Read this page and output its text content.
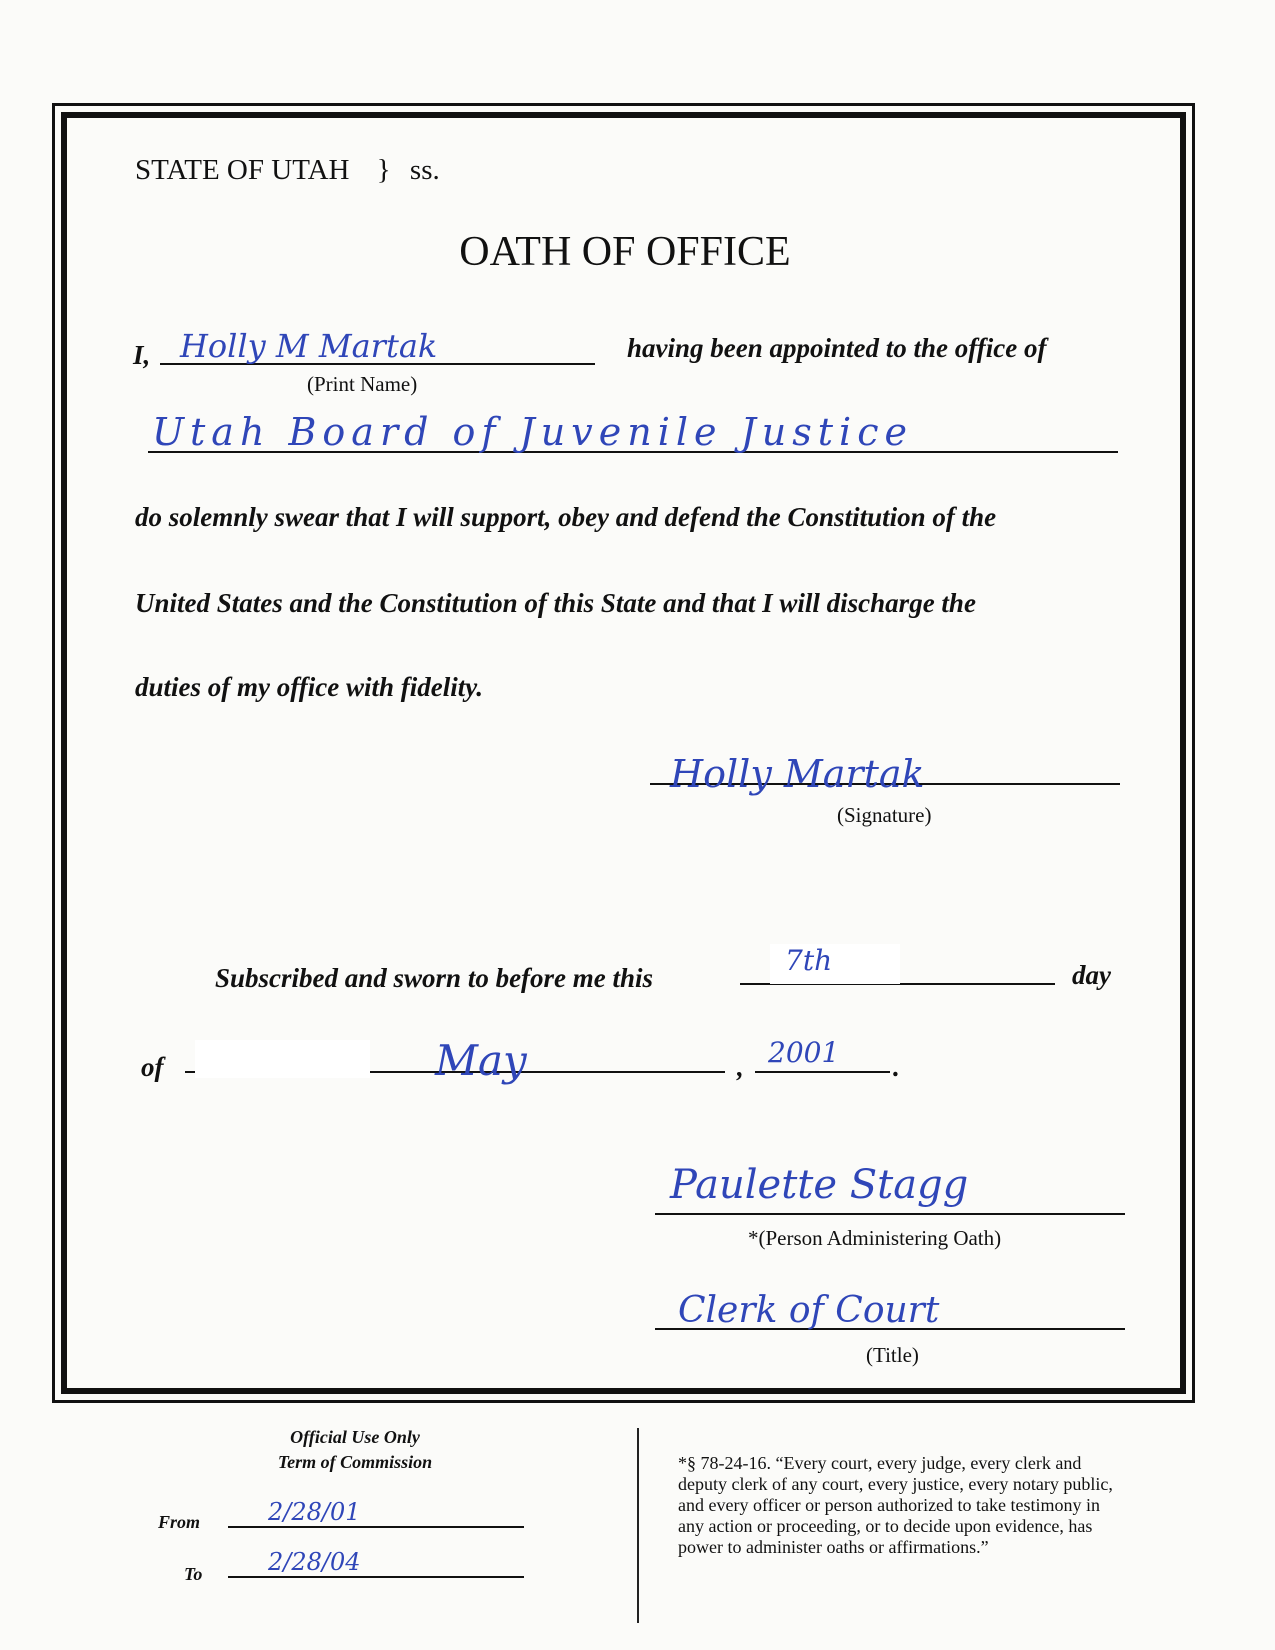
STATE OF UTAH } ss.
OATH OF OFFICE
I, Holly M Martak
(Print Name)
having been appointed to the office of
Utah Board of Juvenile Justice
do solemnly swear that I will support, obey and defend the Constitution of the
United States and the Constitution of this State and that I will discharge the
duties of my office with fidelity.
Holly Martak
(Signature)
Subscribed and sworn to before me this
7th	day
of	May	, 2001 .
Paulette Stagg
*(Person Administering Oath)
Clerk of Court
(Title)
Official Use Only
Term of Commission
From	2/28/01
To	2/28/04
*§ 78-24-16. “Every court, every judge, every clerk and
deputy clerk of any court, every justice, every notary public,
and every officer or person authorized to take testimony in
any action or proceeding, or to decide upon evidence, has
power to administer oaths or affirmations.”
